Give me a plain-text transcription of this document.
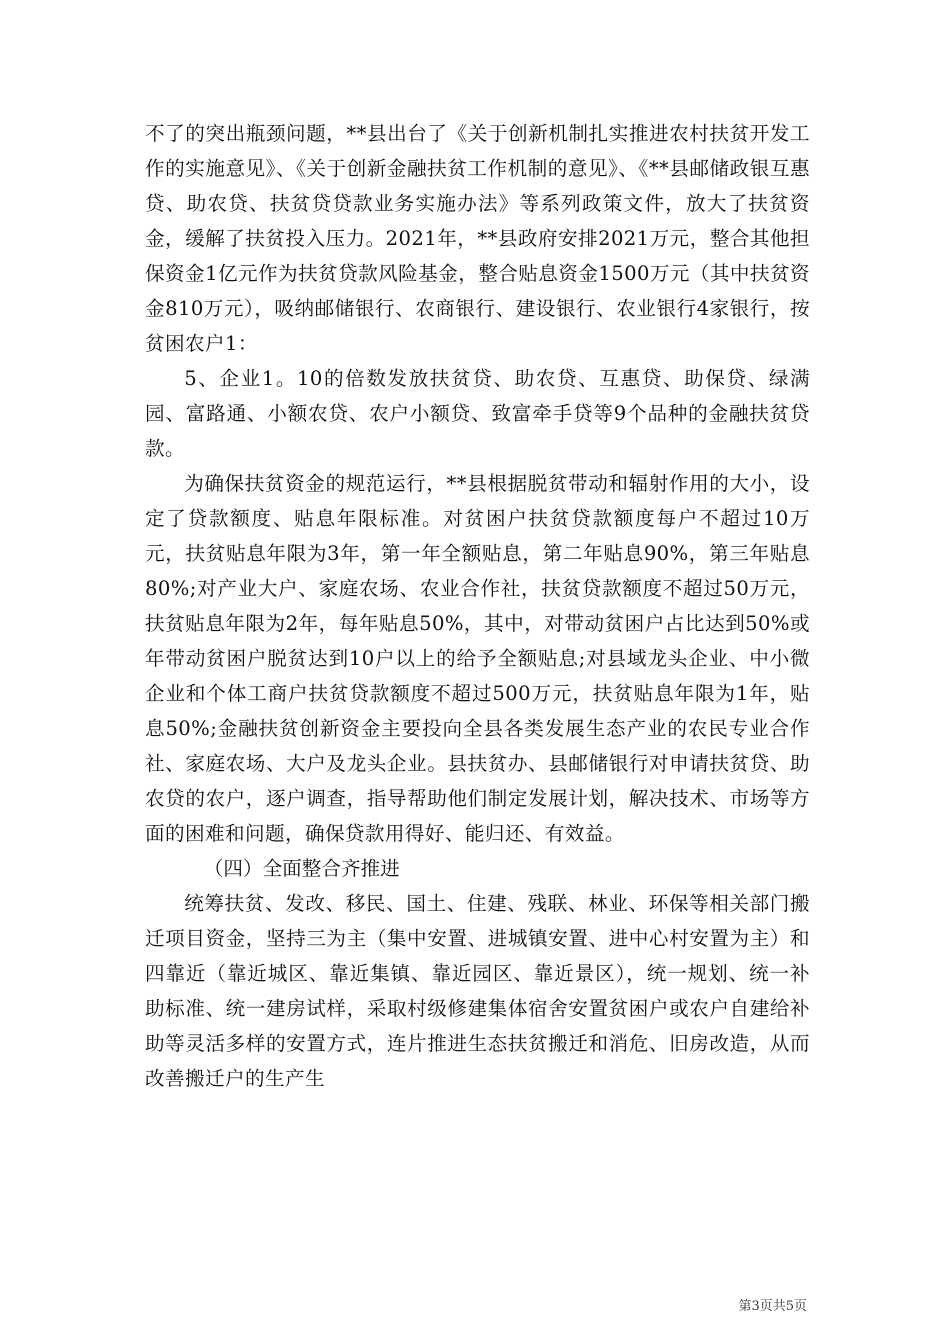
不了的突出瓶颈问题，**县出台了《关于创新机制扎实推进农村扶贫开发工作的实施意见》、《关于创新金融扶贫工作机制的意见》、《**县邮储政银互惠贷、助农贷、扶贫贷贷款业务实施办法》等系列政策文件，放大了扶贫资金，缓解了扶贫投入压力。2021年，**县政府安排2021万元，整合其他担保资金1亿元作为扶贫贷款风险基金，整合贴息资金1500万元（其中扶贫资金810万元），吸纳邮储银行、农商银行、建设银行、农业银行4家银行，按贫困农户1：

5、企业1。10的倍数发放扶贫贷、助农贷、互惠贷、助保贷、绿满园、富路通、小额农贷、农户小额贷、致富牵手贷等9个品种的金融扶贫贷款。

为确保扶贫资金的规范运行，**县根据脱贫带动和辐射作用的大小，设定了贷款额度、贴息年限标准。对贫困户扶贫贷款额度每户不超过10万元，扶贫贴息年限为3年，第一年全额贴息，第二年贴息90%，第三年贴息80%;对产业大户、家庭农场、农业合作社，扶贫贷款额度不超过50万元，扶贫贴息年限为2年，每年贴息50%，其中，对带动贫困户占比达到50%或年带动贫困户脱贫达到10户以上的给予全额贴息;对县域龙头企业、中小微企业和个体工商户扶贫贷款额度不超过500万元，扶贫贴息年限为1年，贴息50%;金融扶贫创新资金主要投向全县各类发展生态产业的农民专业合作社、家庭农场、大户及龙头企业。县扶贫办、县邮储银行对申请扶贫贷、助农贷的农户，逐户调查，指导帮助他们制定发展计划，解决技术、市场等方面的困难和问题，确保贷款用得好、能归还、有效益。

（四）全面整合齐推进

统筹扶贫、发改、移民、国土、住建、残联、林业、环保等相关部门搬迁项目资金，坚持三为主（集中安置、进城镇安置、进中心村安置为主）和四靠近（靠近城区、靠近集镇、靠近园区、靠近景区），统一规划、统一补助标准、统一建房试样，采取村级修建集体宿舍安置贫困户或农户自建给补助等灵活多样的安置方式，连片推进生态扶贫搬迁和消危、旧房改造，从而改善搬迁户的生产生

第3页共5页
